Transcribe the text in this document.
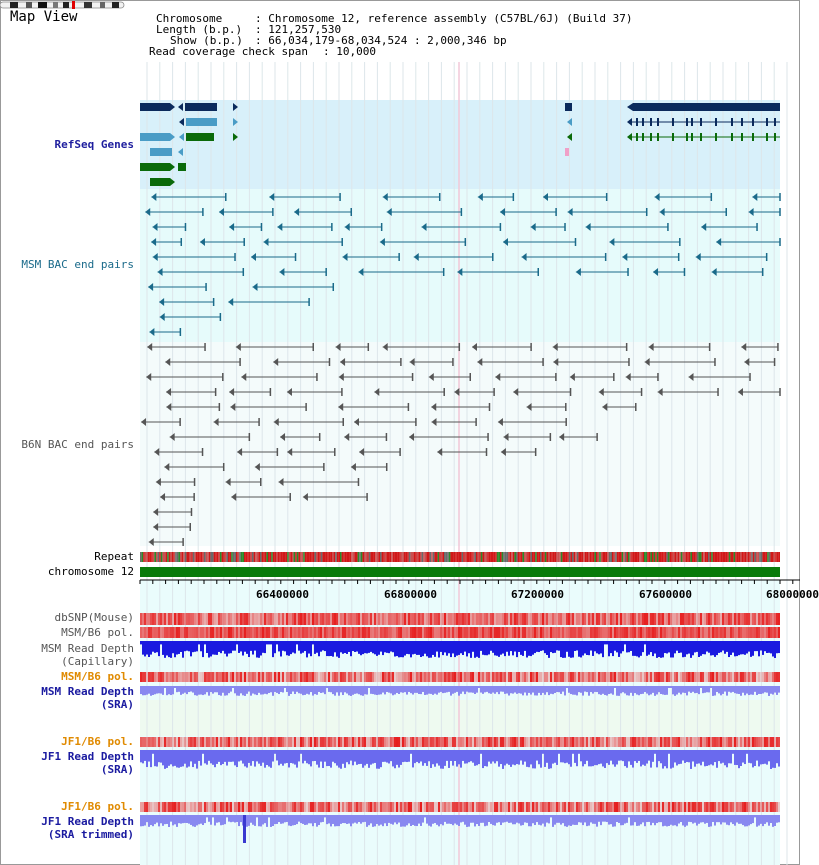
Map View	Chromosome	: Chromosome 12, reference assembly (C57BL/6J) (Build 37)
Length (b.p.) : 121,257,530
Show (b.p.) : 66,034,179-68,034,524 : 2,000,346 bp
Read coverage check span : 10,000
RefSeq Genes
MSM BAC end pairs
B6N BAC end pairs
Repeat
chromosome 12
dbSNP(Mouse)
MSM/B6 pol.
MSM Read Depth
(Capillary)
MSM/B6 pol.
MSM Read Depth
(SRA)
JF1/B6 pol.
JF1 Read Depth
(SRA)
JF1/B6 pol.
JF1 Read Depth
(SRA trimmed)
66400000	66800000	67200000	67600000	68000000
